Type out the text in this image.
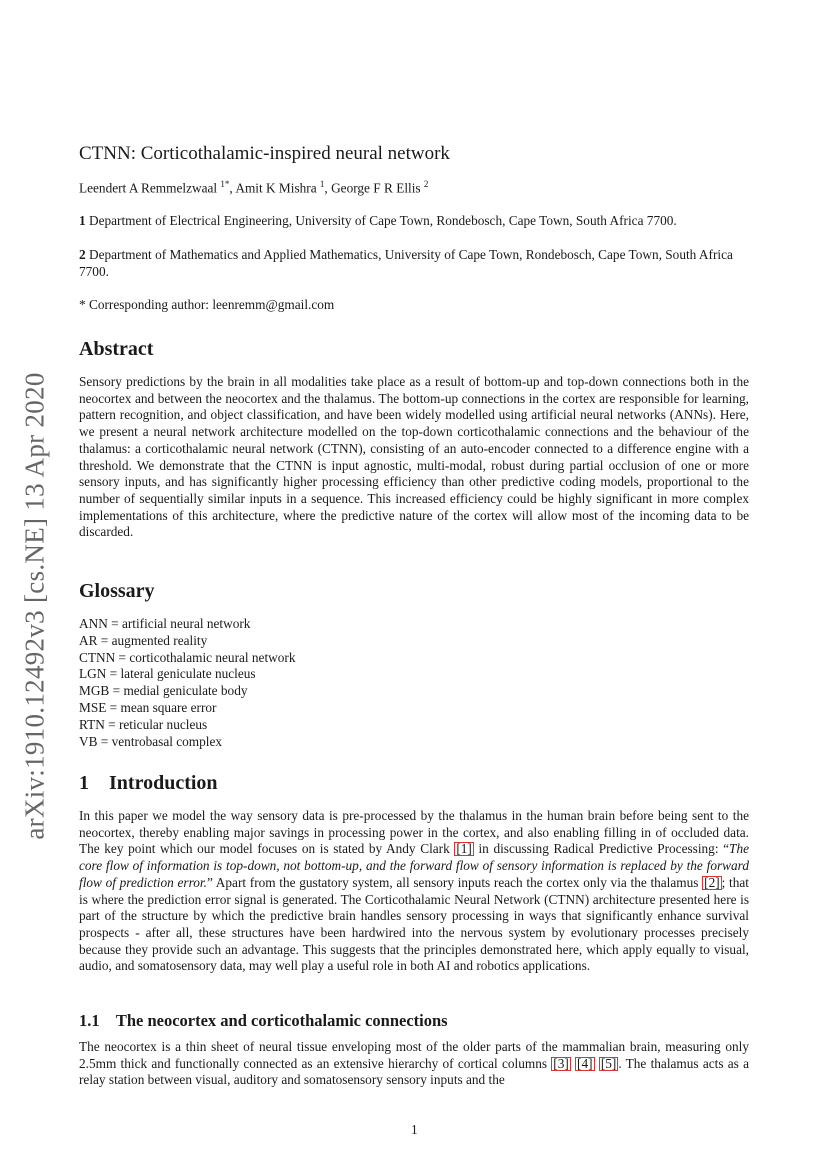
arXiv:1910.12492v3 [cs.NE] 13 Apr 2020
CTNN: Corticothalamic-inspired neural network
Leendert A Remmelzwaal $^{1*}$, Amit K Mishra $^1$, George F R Ellis $^2$
1 Department of Electrical Engineering, University of Cape Town, Rondebosch, Cape Town, South Africa 7700.
2 Department of Mathematics and Applied Mathematics, University of Cape Town, Rondebosch, Cape Town, South Africa 7700.
* Corresponding author: leenremm@gmail.com
Abstract
Sensory predictions by the brain in all modalities take place as a result of bottom-up and top-down connections both in the neocortex and between the neocortex and the thalamus. The bottom-up connections in the cortex are responsible for learning, pattern recognition, and object classification, and have been widely modelled using artificial neural networks (ANNs). Here, we present a neural network architecture modelled on the top-down corticothalamic connections and the behaviour of the thalamus: a corticothalamic neural network (CTNN), consisting of an auto-encoder connected to a difference engine with a threshold. We demonstrate that the CTNN is input agnostic, multi-modal, robust during partial occlusion of one or more sensory inputs, and has significantly higher processing efficiency than other predictive coding models, proportional to the number of sequentially similar inputs in a sequence. This increased efficiency could be highly significant in more complex implementations of this architecture, where the predictive nature of the cortex will allow most of the incoming data to be discarded.
Glossary
ANN = artificial neural network
AR = augmented reality
CTNN = corticothalamic neural network
LGN = lateral geniculate nucleus
MGB = medial geniculate body
MSE = mean square error
RTN = reticular nucleus
VB = ventrobasal complex
1    Introduction
In this paper we model the way sensory data is pre-processed by the thalamus in the human brain before being sent to the neocortex, thereby enabling major savings in processing power in the cortex, and also enabling filling in of occluded data. The key point which our model focuses on is stated by Andy Clark [1] in discussing Radical Predictive Processing: “The core flow of information is top-down, not bottom-up, and the forward flow of sensory information is replaced by the forward flow of prediction error.” Apart from the gustatory system, all sensory inputs reach the cortex only via the thalamus [2] ; that is where the prediction error signal is generated. The Corticothalamic Neural Network (CTNN) architecture presented here is part of the structure by which the predictive brain handles sensory processing in ways that significantly enhance survival prospects - after all, these structures have been hardwired into the nervous system by evolutionary processes precisely because they provide such an advantage. This suggests that the principles demonstrated here, which apply equally to visual, audio, and somatosensory data, may well play a useful role in both AI and robotics applications.
1.1    The neocortex and corticothalamic connections
The neocortex is a thin sheet of neural tissue enveloping most of the older parts of the mammalian brain, measuring only 2.5mm thick and functionally connected as an extensive hierarchy of cortical columns [3] [4] [5] . The thalamus acts as a relay station between visual, auditory and somatosensory sensory inputs and the
1
